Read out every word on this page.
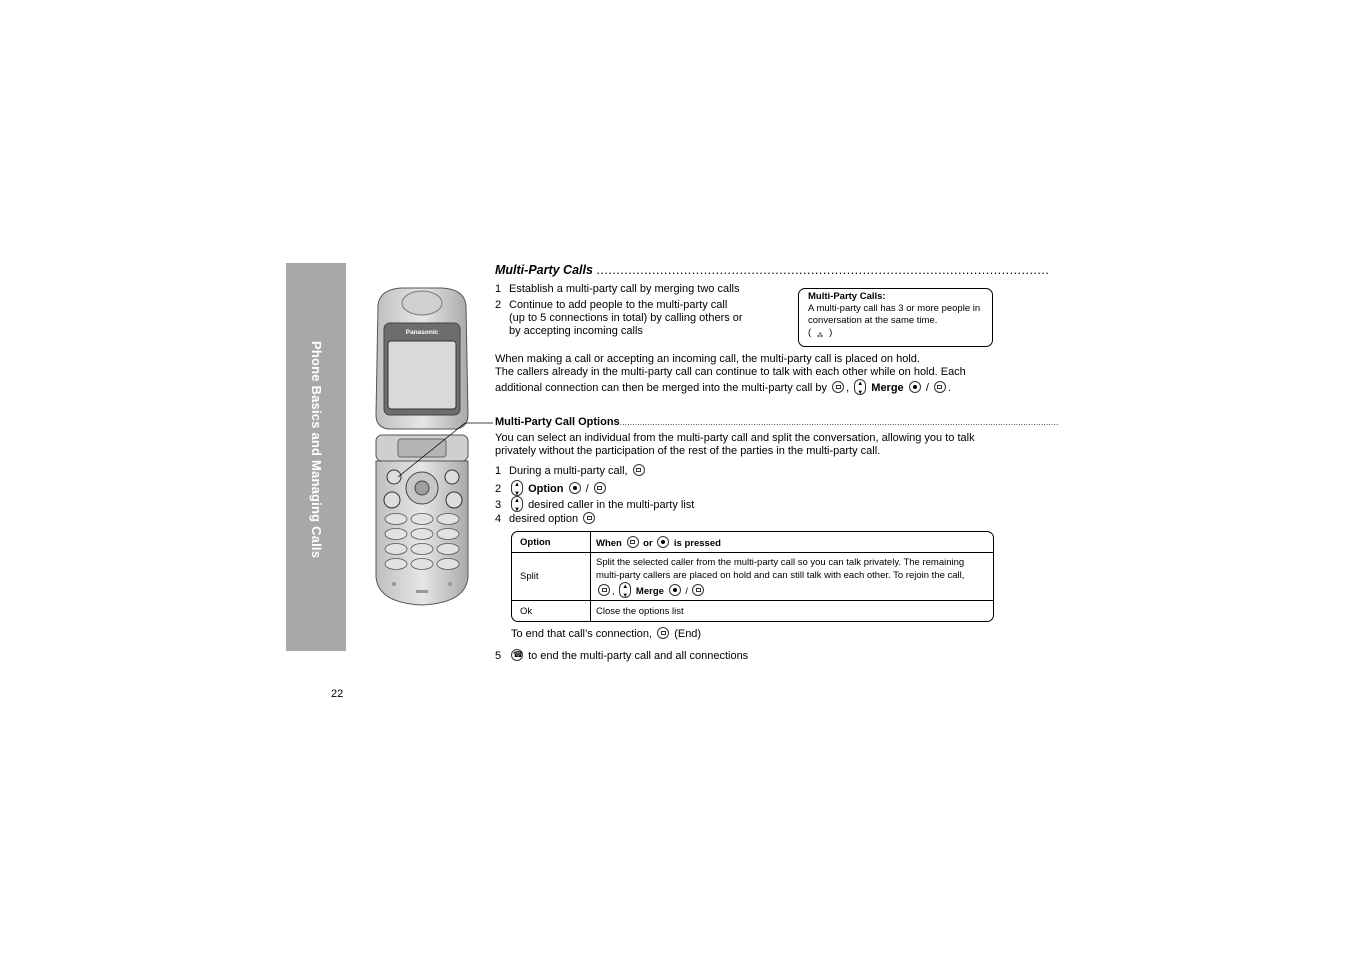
Phone Basics and Managing Calls
22
Panasonic
Multi-Party Calls ..................................................................................................................
1 Establish a multi-party call by merging two calls
2 Continue to add people to the multi-party call
(up to 5 connections in total) by calling others or
by accepting incoming calls
Multi-Party Calls:
A multi-party call has 3 or more people in
conversation at the same time.
( ⁂ )
When making a call or accepting an incoming call, the multi-party call is placed on hold.
The callers already in the multi-party call can continue to talk with each other while on hold. Each
additional connection can then be merged into the multi-party call by , ▲ ▼ Merge / .
Multi-Party Call Options..............................................................................................................................................................................
You can select an individual from the multi-party call and split the conversation, allowing you to talk
privately without the participation of the rest of the parties in the multi-party call.
1 During a multi-party call,
2 ▲ ▼ Option /
3 ▲ ▼ desired caller in the multi-party list
4 desired option
Option	When or is pressed
Split	Split the selected caller from the multi-party call so you can talk privately. The remaining
multi-party callers are placed on hold and can still talk with each other. To rejoin the call,
, ▲ ▼ Merge /

Ok	Close the options list
To end that call’s connection, (End)
5 ☎ to end the multi-party call and all connections
